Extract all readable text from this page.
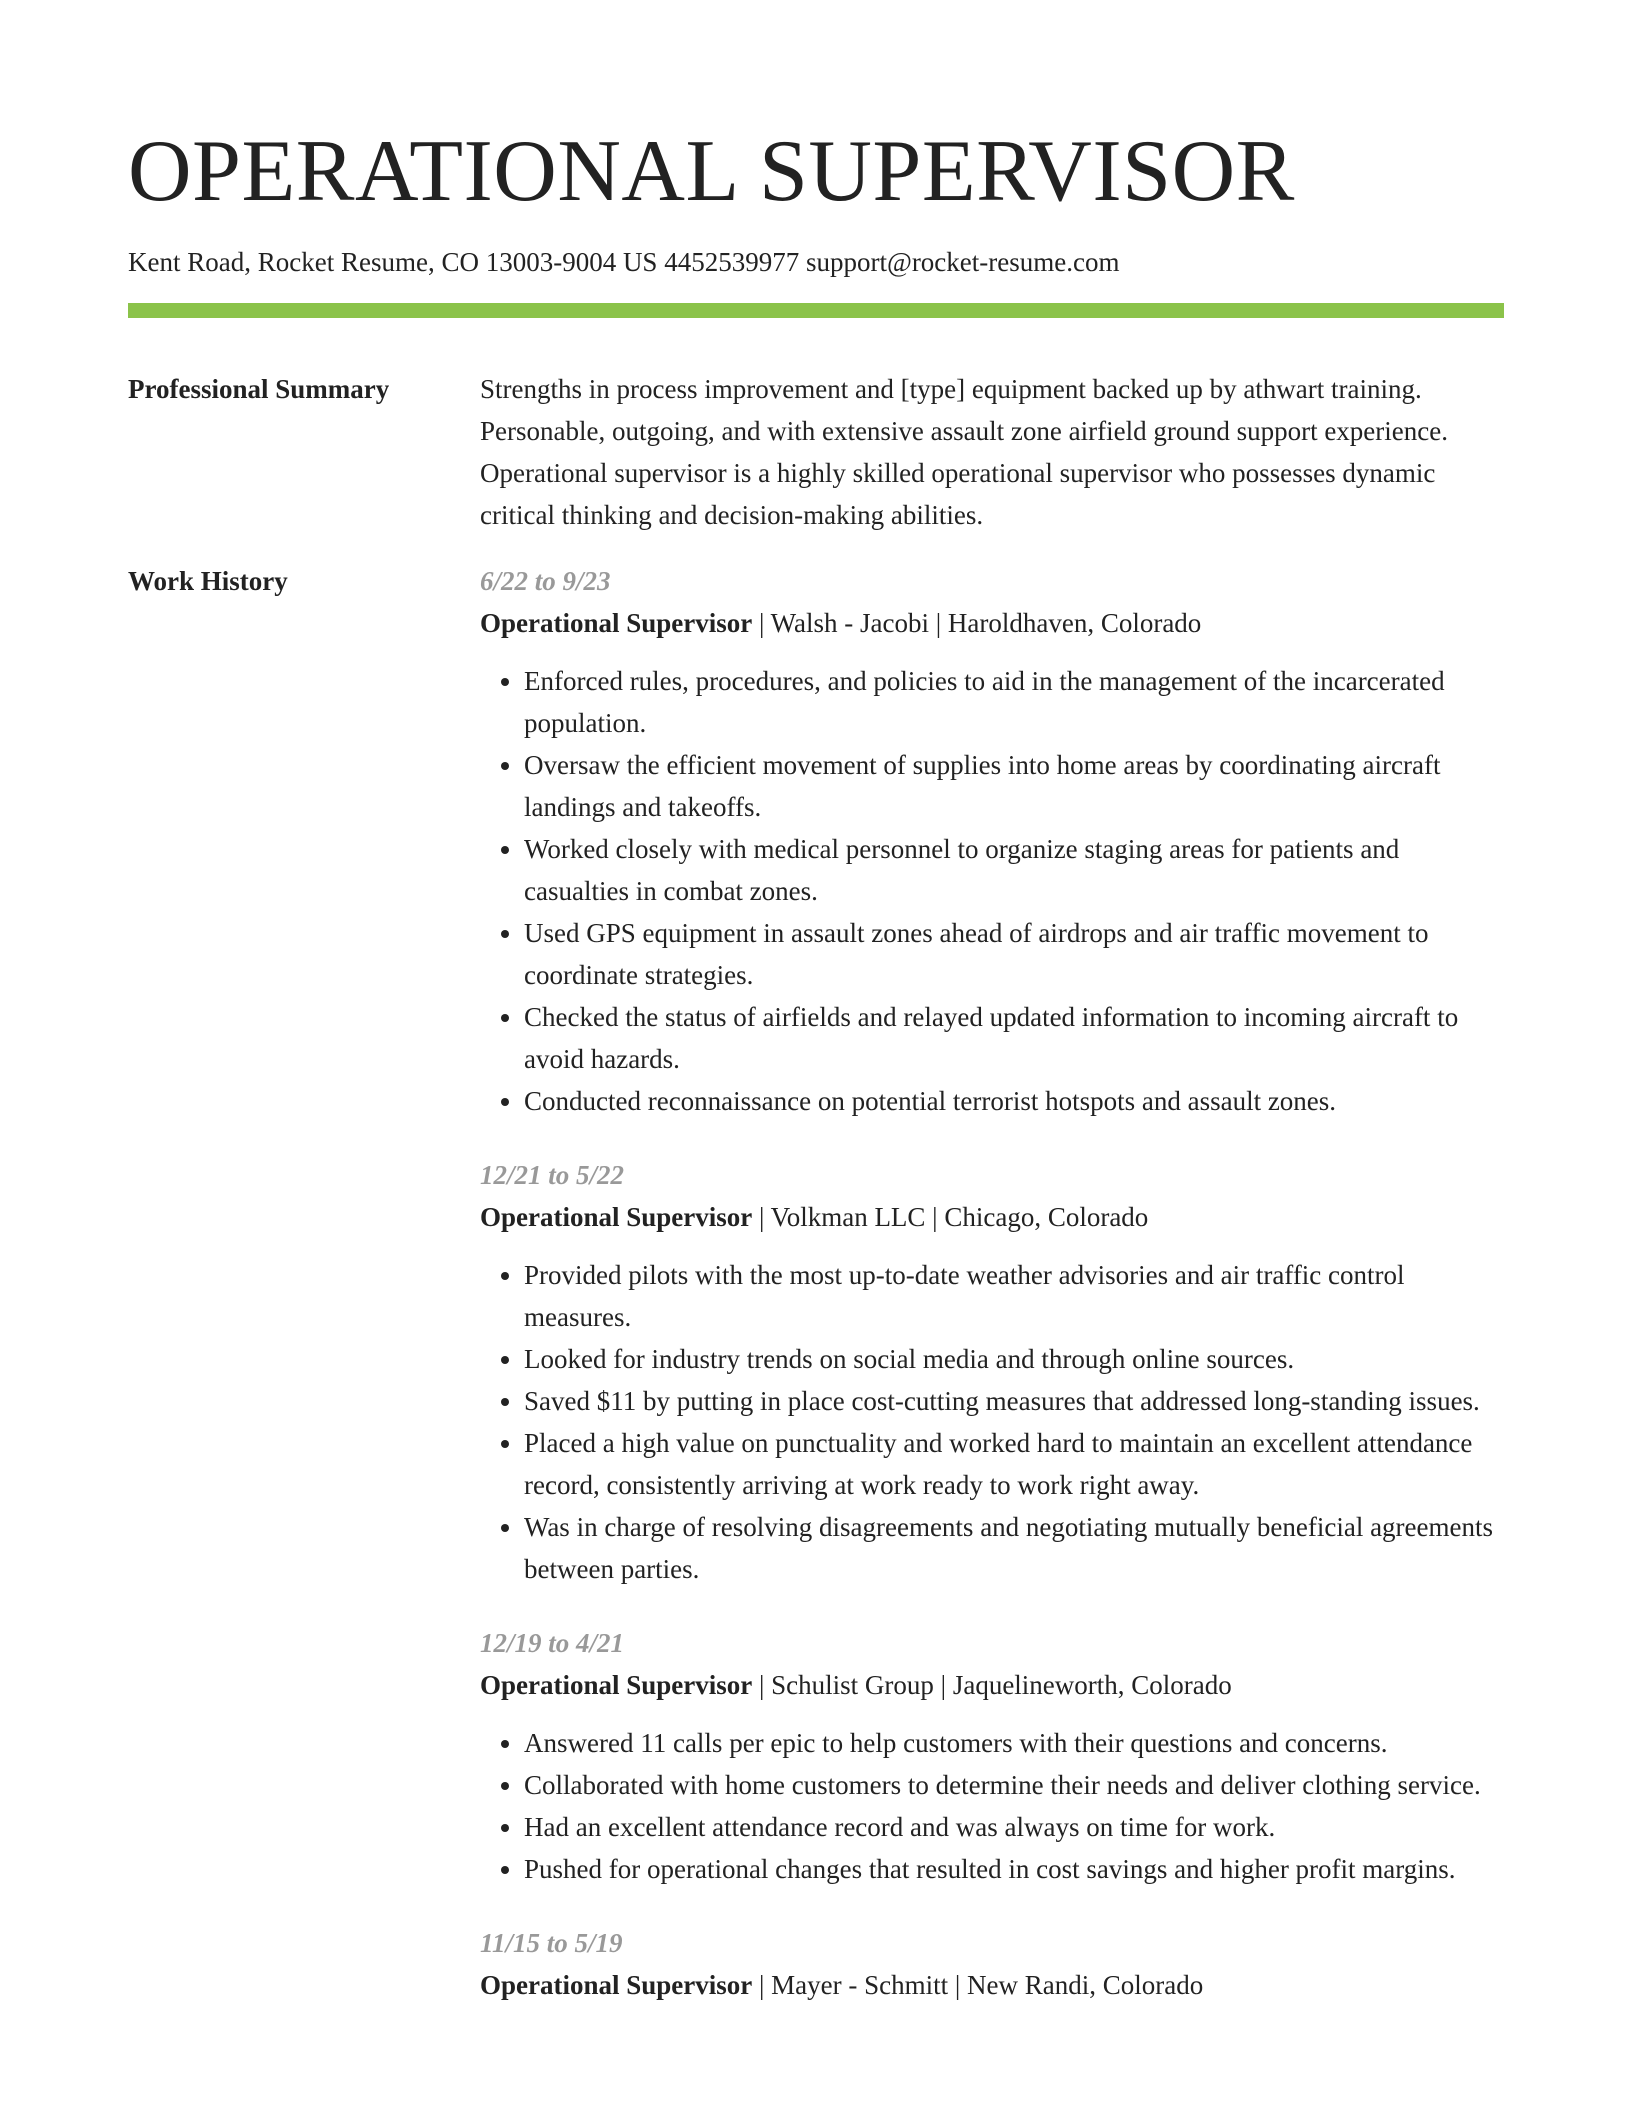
OPERATIONAL SUPERVISOR
Kent Road, Rocket Resume, CO 13003-9004 US 4452539977 support@rocket-resume.com
Professional Summary	Strengths in process improvement and [type] equipment backed up by athwart training. Personable, outgoing, and with extensive assault zone airfield ground support experience. Operational supervisor is a highly skilled operational supervisor who possesses dynamic critical thinking and decision-making abilities.

Work History	6/22 to 9/23
Operational Supervisor | Walsh - Jacobi | Haroldhaven, Colorado
• Enforced rules, procedures, and policies to aid in the management of the incarcerated population.
• Oversaw the efficient movement of supplies into home areas by coordinating aircraft landings and takeoffs.
• Worked closely with medical personnel to organize staging areas for patients and casualties in combat zones.
• Used GPS equipment in assault zones ahead of airdrops and air traffic movement to coordinate strategies.
• Checked the status of airfields and relayed updated information to incoming aircraft to avoid hazards.
• Conducted reconnaissance on potential terrorist hotspots and assault zones.
12/21 to 5/22
Operational Supervisor | Volkman LLC | Chicago, Colorado
• Provided pilots with the most up-to-date weather advisories and air traffic control measures.
• Looked for industry trends on social media and through online sources.
• Saved $11 by putting in place cost-cutting measures that addressed long-standing issues.
• Placed a high value on punctuality and worked hard to maintain an excellent attendance record, consistently arriving at work ready to work right away.
• Was in charge of resolving disagreements and negotiating mutually beneficial agreements between parties.
12/19 to 4/21
Operational Supervisor | Schulist Group | Jaquelineworth, Colorado
• Answered 11 calls per epic to help customers with their questions and concerns.
• Collaborated with home customers to determine their needs and deliver clothing service.
• Had an excellent attendance record and was always on time for work.
• Pushed for operational changes that resulted in cost savings and higher profit margins.
11/15 to 5/19
Operational Supervisor | Mayer - Schmitt | New Randi, Colorado
